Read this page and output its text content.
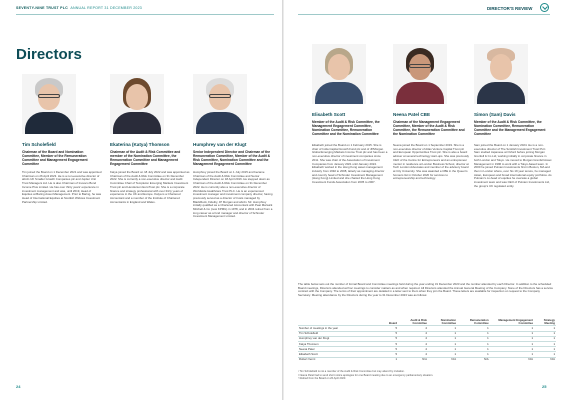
SEVENTY-NINE TRUST PLC ANNUAL REPORT 31 DECEMBER 2023	DIRECTOR'S REVIEW
Directors
Tim Scholefield
Chairman of the Board and Nomination Committee, Member of the Remuneration Committee and Management Engagement Committee
Tim joined the Board on 1 December 2021 and was appointed Chairman on 26 April 2023. He is a non-executive director of abrdn UK Smaller Growth Companies plc and Jupiter Unit Trust Managers Ltd. He is also Chairman of Invesco Bond Income Plus Limited. He has over thirty years' experience in investment management and was, until 2019, Head of Equities at Baring Asset Management. Prior to Baring, he was Head of International Equities at Scottish Widows Investment Partnership Limited.
Ekaterina (Katya) Thomson
Chairman of the Audit & Risk Committee and member of the Nomination Committee, the Remuneration Committee and Management Engagement Committee
Katya joined the Board on 18 July 2022 and was appointed as Chairman of the Audit & Risk Committee on 31 December 2022. She is currently a non-executive director and Audit Committee Chair of Templeton Emerging Markets Investment Trust plc and Henderson EuroTrust plc. She is a corporate finance and strategy professional with over thirty years of experience in the UK and Europe. Katya is a Chartered Accountant and a member of the Institute of Chartered Accountants in England and Wales.
Humphrey van der Klugt
Senior Independent Director and Chairman of the Remuneration Committee, Member of the Audit & Risk Committee, Nomination Committee and the Management Engagement Committee
Humphrey joined the Board on 1 July 2015 and became Chairman of the Audit & Risk Committee and Senior Independent Director on 18 April 2016. He stepped down as Chairman of the Audit & Risk Committee on 31 December 2022. He is currently also a non-executive director of Worldwide Healthcare Trust PLC. He is an experienced investment manager and investment company director, having previously served as a director of trusts managed by BlackRock, Fidelity, JP Morgan and abrdn. Mr. Humphrey initially qualified as a Chartered Accountant with Peat Marwick Mitchell & Co (now KPMG) in 1978, and in 2004 retired from a long career as a fund manager and director of Schroder Investment Management Limited.
Elisabeth Scott
Member of the Audit & Risk Committee, the Management Engagement Committee, Nomination Committee, Remuneration Committee and the Nomination Committee
Elisabeth joined the Board on 1 February 2015. She is chair of India Capital Growth Fund plc and of JPMorgan Global Emerging Markets Income Trust plc and has been a non-executive director of investment companies since 2011. She was chair of the Association of Investment Companies from January 2021 until January 2024. Elisabeth worked in the Hong Kong asset management industry from 1992 to 2008, latterly as managing director and country head of Schroder Investment Management (Hong Kong) Limited and she chaired the Hong Kong Investment Funds Association from 2005 to 2007.
Neena Patel CBE
Chairman of the Management Engagement Committee, Member of the Audit & Risk Committee, the Remuneration Committee and the Nomination Committee
Neena joined the Board on 1 September 2019. She is a non-executive director of Atlas Venture Capital Trust plc and European Opportunities Trust plc. She is also a board adviser at several technology start-ups. She was previously CEO of the Centre for Entrepreneurs and an entrepreneur mentor in residence at London Business School, director at Tech London Advocates and member of the advisory board at City University. She was awarded a CBE in the Queen's honours list in October 2020 for services to entrepreneurship and technology.
Simon (Sam) Davis
Member of the Audit & Risk Committee, the Nomination Committee, Remuneration Committee and the Management Engagement Committee
Sam joined the Board on 1 January 2024. He is a non-executive director of The Scottish Investment Trust PLC. Sam studied Japanese at Oxford before joining Morgan Grenfell & Co Ltd, working initially in corporate finance in both London and Tokyo. He moved to Morgan Grenfell Asset Management in 1996 to work with a Tokyo-based team. In 2000 he joined Putnam Investments first in Boston, MA and then in London where, over his 19 year tenure, he managed Asian, European and broad international equity portfolios. As Putnam's co-head of equities he oversaw a global investment team and was CEO of Putnam Investments Ltd, the group's UK regulated entity.
The table below sets out the number of formal Board and Committee meetings held during the year ending 31 December 2023 and the number attended by each Director. In addition to the scheduled Board meetings, Directors attended ad hoc meetings to consider matters as and when required. All Directors attended the Annual General Meeting of the Company. None of the Directors has a service contract with the Company. The terms of their appointment are detailed in a letter sent to them when they join the Board. These letters are available for inspection on request to the Company Secretary. Meeting attendance by the Directors during the year to 31 December 2023 was as follows:
	Board	Audit & Risk Committee	Nomination Committee	Remuneration Committee	Management Engagement Committee	Strategy Meeting
Number of meetings in the year	5	4	1	1	1	1
Tim Scholefield	5	4	1	1	1	1
Humphrey van der Klugt	5	4	1	1	1	1
Katya Thomson	5	4	1	1	1	1
Neena Patel	5	4	1	1	1	1
Elisabeth Scott	5	4	1	1	1	1
Robert Venn¹	1	N/A	N/A	N/A	N/A	N/A
¹ Tim Scholefield is not a member of the Audit & Risk Committee but may attend by invitation.
² Neena Patel had to send short notice apologies for one Board meeting due to an emergency parliamentary situation.
³ Retired from the Board on 26 April 2023.
24	25
